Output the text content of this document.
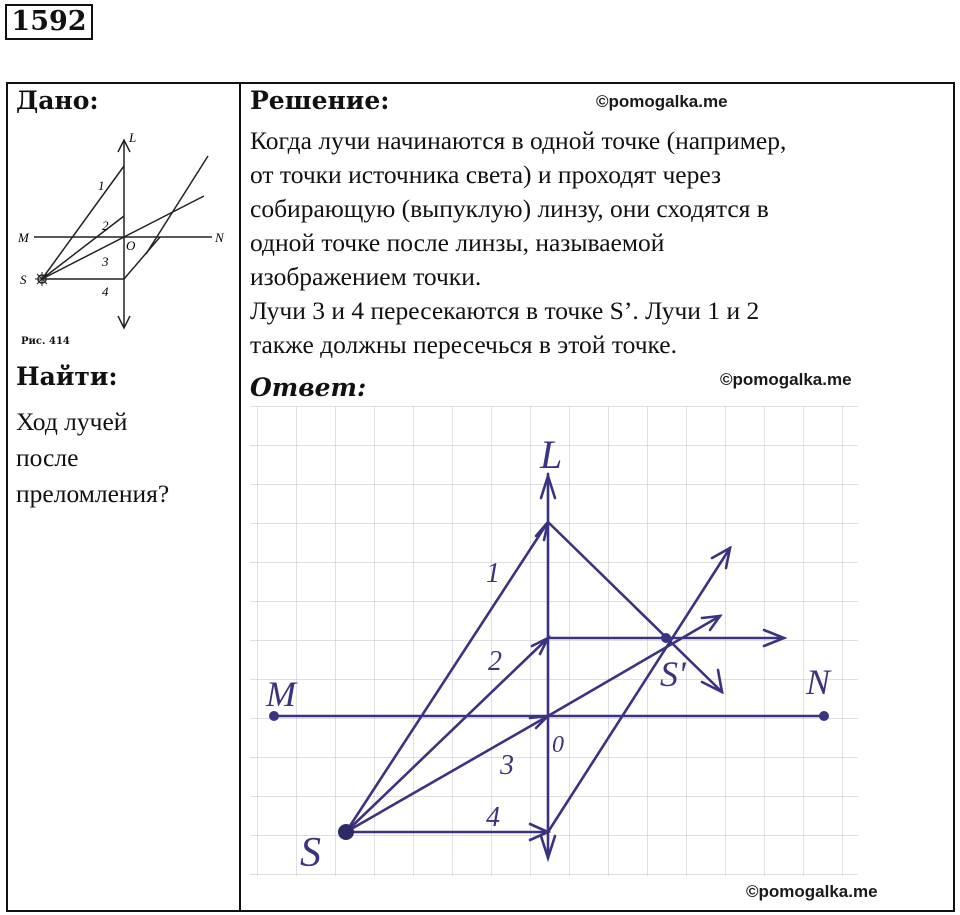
1592
Дано:
L
M	N
O
S
1
2
3
4
Рис. 414
Найти:
Ход лучей
после
преломления?
Решение:	©pomogalka.me
Когда лучи начинаются в одной точке (например,
от точки источника света) и проходят через
собирающую (выпуклую) линзу, они сходятся в
одной точке после линзы, называемой
изображением точки.
Лучи 3 и 4 пересекаются в точке S’. Лучи 1 и 2
также должны пересечься в этой точке.
©pomogalka.me
Ответ:
L
M	N
0
S
S'
1
2
3
4
©pomogalka.me
